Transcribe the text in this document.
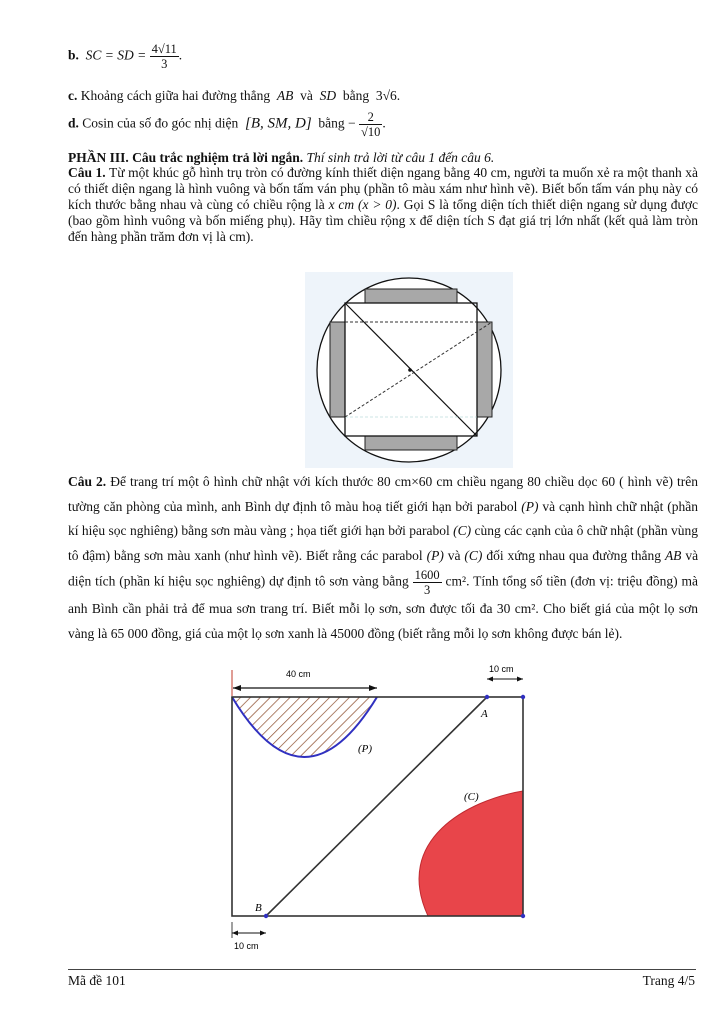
b. SC = SD = $\frac{4√11}{3}$ .
c. Khoảng cách giữa hai đường thẳng AB và SD bằng 3√6.
d. Cosin của số đo góc nhị diện [B, SM, D] bằng − $\frac{2}{√10}$ .
PHẦN III. Câu trắc nghiệm trả lời ngắn. Thí sinh trả lời từ câu 1 đến câu 6.
Câu 1. Từ một khúc gỗ hình trụ tròn có đường kính thiết diện ngang bằng 40 cm, người ta muốn xẻ ra một thanh xà có thiết diện ngang là hình vuông và bốn tấm ván phụ (phần tô màu xám như hình vẽ). Biết bốn tấm ván phụ này có kích thước bằng nhau và cùng có chiều rộng là x cm (x > 0). Gọi S là tổng diện tích thiết diện ngang sử dụng được (bao gồm hình vuông và bốn miếng phụ). Hãy tìm chiều rộng x để diện tích S đạt giá trị lớn nhất (kết quả làm tròn đến hàng phần trăm đơn vị là cm).
Câu 2. Để trang trí một ô hình chữ nhật với kích thước 80 cm×60 cm chiều ngang 80 chiều dọc 60 ( hình vẽ) trên tường căn phòng của mình, anh Bình dự định tô màu hoạ tiết giới hạn bởi parabol (P) và cạnh hình chữ nhật (phần kí hiệu sọc nghiêng) bằng sơn màu vàng ; họa tiết giới hạn bởi parabol (C) cùng các cạnh của ô chữ nhật (phần vùng tô đậm) bằng sơn màu xanh (như hình vẽ). Biết rằng các parabol (P) và (C) đối xứng nhau qua đường thẳng AB và diện tích (phần kí hiệu sọc nghiêng) dự định tô sơn vàng bằng $\frac{1600}{3} cm^2$. Tính tổng số tiền (đơn vị: triệu đồng) mà anh Bình cần phải trả để mua sơn trang trí. Biết mỗi lọ sơn, sơn được tối đa 30 cm². Cho biết giá của một lọ sơn vàng là 65 000 đồng, giá của một lọ sơn xanh là 45000 đồng (biết rằng mỗi lọ sơn không được bán lẻ).
40 cm	10 cm
(P)
(C)
A
B
10 cm
Mã đề 101	Trang 4/5
